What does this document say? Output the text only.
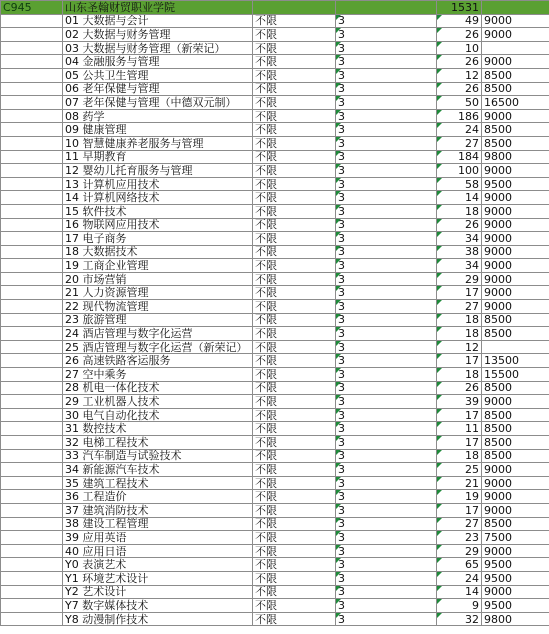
C945	山东圣翰财贸职业学院			1531	
	01 大数据与会计	不限	3	49	9000
	02 大数据与财务管理	不限	3	26	9000
	03 大数据与财务管理（新荣记）	不限	3	10	
	04 金融服务与管理	不限	3	26	9000
	05 公共卫生管理	不限	3	12	8500
	06 老年保健与管理	不限	3	26	8500
	07 老年保健与管理（中德双元制）	不限	3	50	16500
	08 药学	不限	3	186	9000
	09 健康管理	不限	3	24	8500
	10 智慧健康养老服务与管理	不限	3	27	8500
	11 早期教育	不限	3	184	9800
	12 婴幼儿托育服务与管理	不限	3	100	9000
	13 计算机应用技术	不限	3	58	9500
	14 计算机网络技术	不限	3	14	9000
	15 软件技术	不限	3	18	9000
	16 物联网应用技术	不限	3	26	9000
	17 电子商务	不限	3	34	9000
	18 大数据技术	不限	3	38	9000
	19 工商企业管理	不限	3	34	9000
	20 市场营销	不限	3	29	9000
	21 人力资源管理	不限	3	17	9000
	22 现代物流管理	不限	3	27	9000
	23 旅游管理	不限	3	18	8500
	24 酒店管理与数字化运营	不限	3	18	8500
	25 酒店管理与数字化运营（新荣记）	不限	3	12	
	26 高速铁路客运服务	不限	3	17	13500
	27 空中乘务	不限	3	18	15500
	28 机电一体化技术	不限	3	26	8500
	29 工业机器人技术	不限	3	39	9000
	30 电气自动化技术	不限	3	17	8500
	31 数控技术	不限	3	11	8500
	32 电梯工程技术	不限	3	17	8500
	33 汽车制造与试验技术	不限	3	18	8500
	34 新能源汽车技术	不限	3	25	9000
	35 建筑工程技术	不限	3	21	9000
	36 工程造价	不限	3	19	9000
	37 建筑消防技术	不限	3	17	9000
	38 建设工程管理	不限	3	27	8500
	39 应用英语	不限	3	23	7500
	40 应用日语	不限	3	29	9000
	Y0 表演艺术	不限	3	65	9500
	Y1 环境艺术设计	不限	3	24	9500
	Y2 艺术设计	不限	3	14	9000
	Y7 数字媒体技术	不限	3	9	9500
	Y8 动漫制作技术	不限	3	32	9800
